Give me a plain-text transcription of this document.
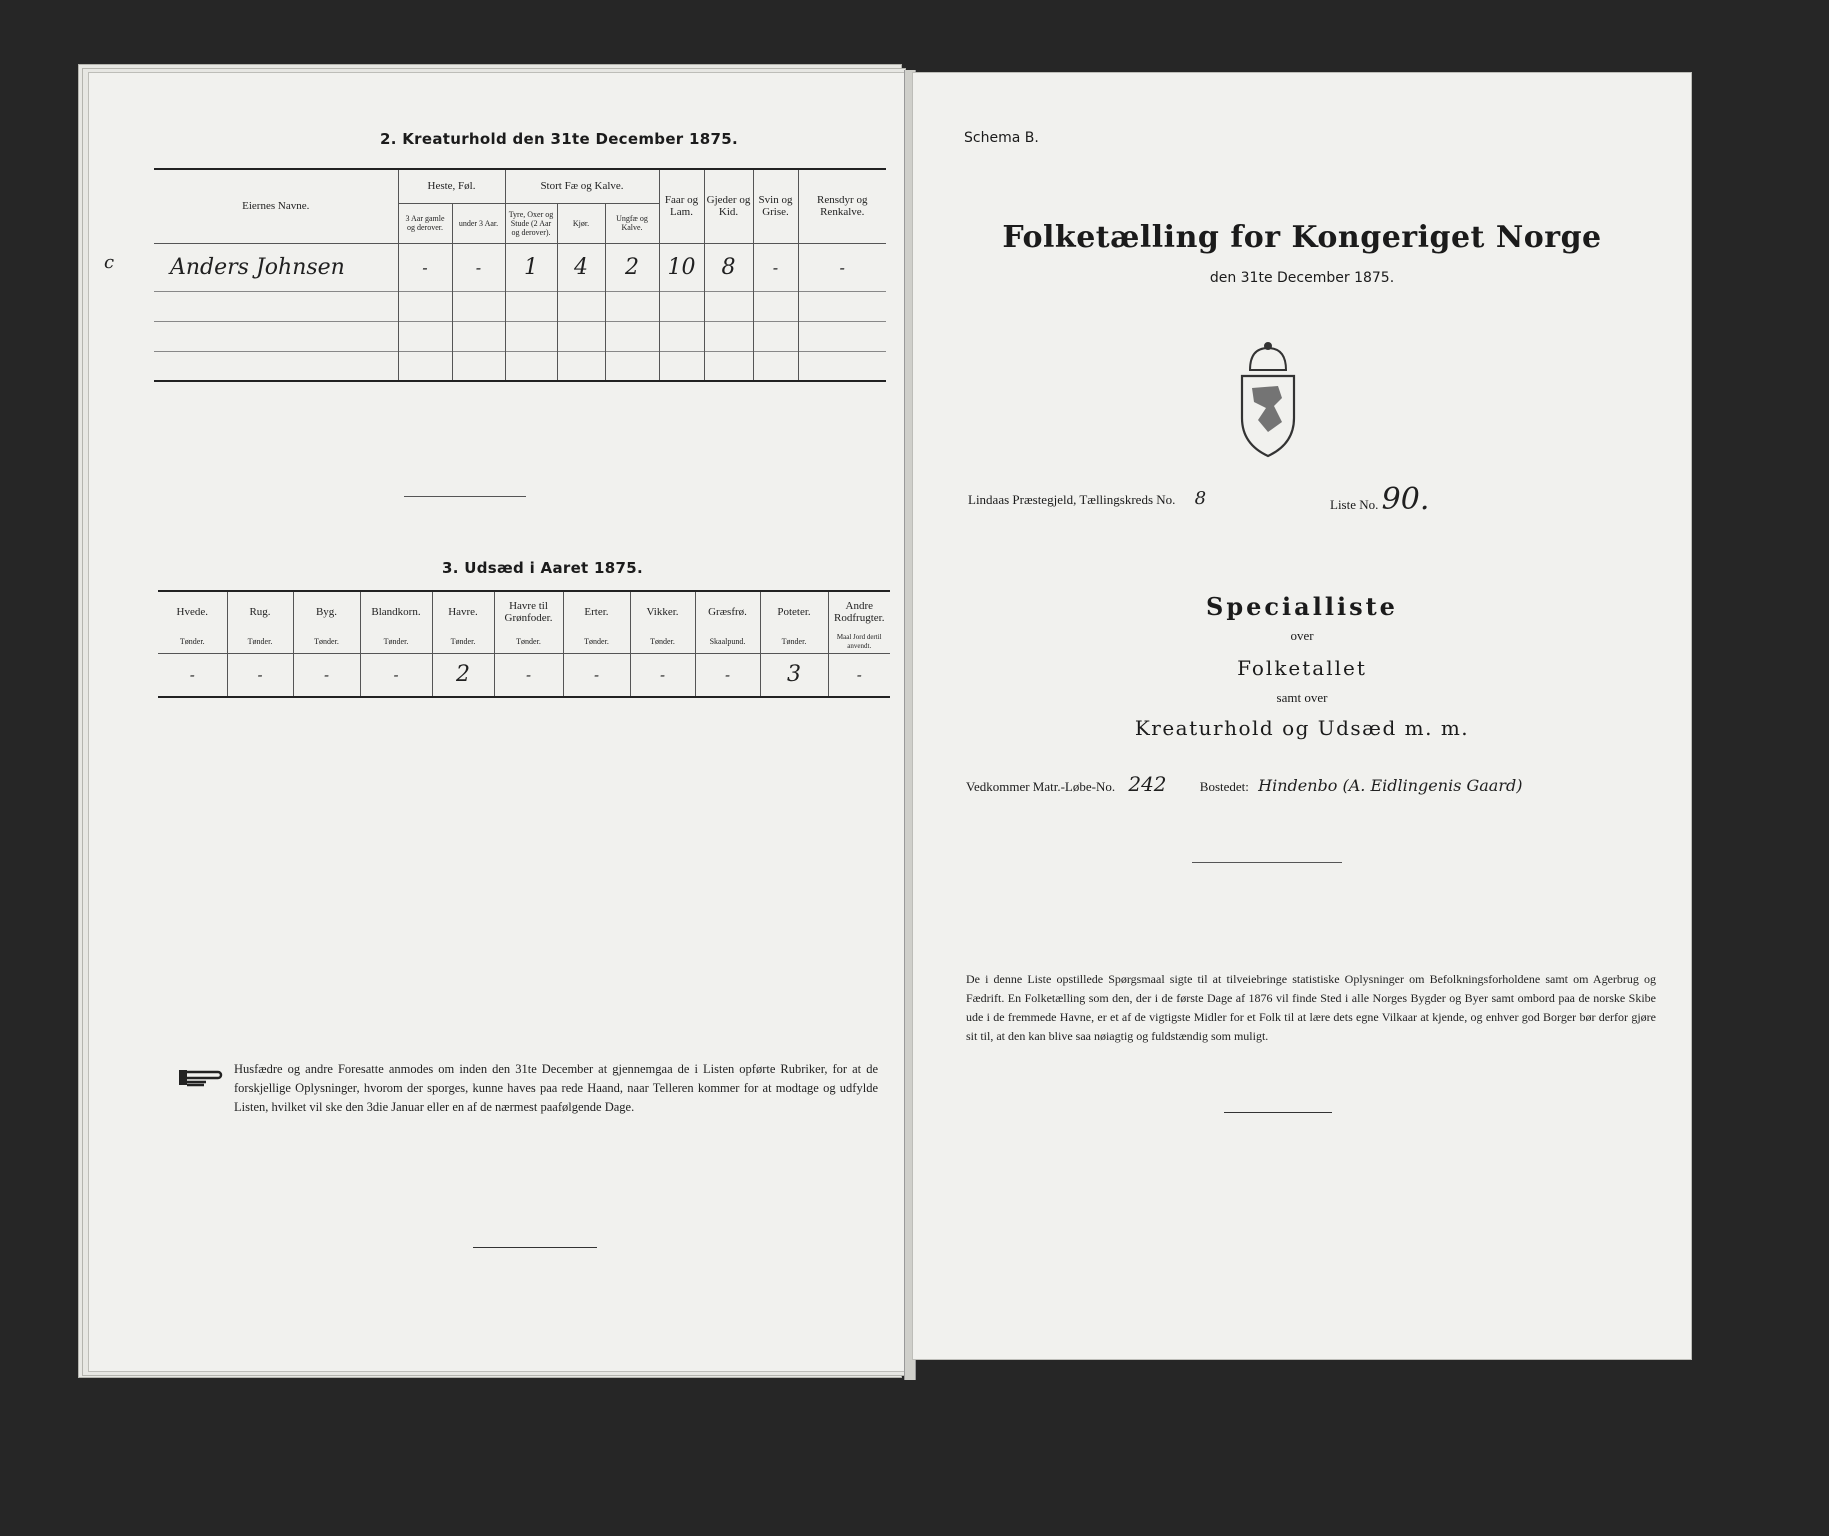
2. Kreaturhold den 31te December 1875.
Eiernes Navne.	Heste, Føl.		Stort Fæ og Kalve.			Faar og Lam.	Gjeder og Kid.	Svin og Grise.	Rensdyr og Renkalve.
	3 Aar gamle og derover.	under 3 Aar.	Tyre, Oxer og Stude (2 Aar og derover).	Kjør.	Ungfæ og Kalve.				

c Anders Johnsen	-	-	1	4	2	10	8	-	-

3. Udsæd i Aaret 1875.
Hvede.	Rug.	Byg.	Blandkorn.	Havre.	Havre til Grønfoder.	Erter.	Vikker.	Græsfrø.	Poteter.	Andre Rodfrugter.
Tønder.	Tønder.	Tønder.	Tønder.	Tønder.	Tønder.	Tønder.	Tønder.	Skaalpund.	Tønder.	Maal Jord dertil anvendt.
-	-	-	-	2	-	-	-	-	3	-

Husfædre og andre Foresatte anmodes om inden den 31te December at gjennemgaa de i Listen opførte Rubriker, for at de forskjellige Oplysninger, hvorom der sporges, kunne haves paa rede Haand, naar Telleren kommer for at modtage og udfylde Listen, hvilket vil ske den 3die Januar eller en af de nærmest paafølgende Dage.
Schema B.
Folketælling for Kongeriget Norge
den 31te December 1875.
Lindaas Præstegjeld, Tællingskreds No. 8	Liste No. 90.
Specialliste
over
Folketallet
samt over
Kreaturhold og Udsæd m. m.
Vedkommer Matr.-Løbe-No. 242	Bostedet: Hindenbo (A. Eidlingenis Gaard)
De i denne Liste opstillede Spørgsmaal sigte til at tilveiebringe statistiske Oplysninger om Befolkningsforholdene samt om Agerbrug og Fædrift. En Folketælling som den, der i de første Dage af 1876 vil finde Sted i alle Norges Bygder og Byer samt ombord paa de norske Skibe ude i de fremmede Havne, er et af de vigtigste Midler for et Folk til at lære dets egne Vilkaar at kjende, og enhver god Borger bør derfor gjøre sit til, at den kan blive saa nøiagtig og fuldstændig som muligt.
